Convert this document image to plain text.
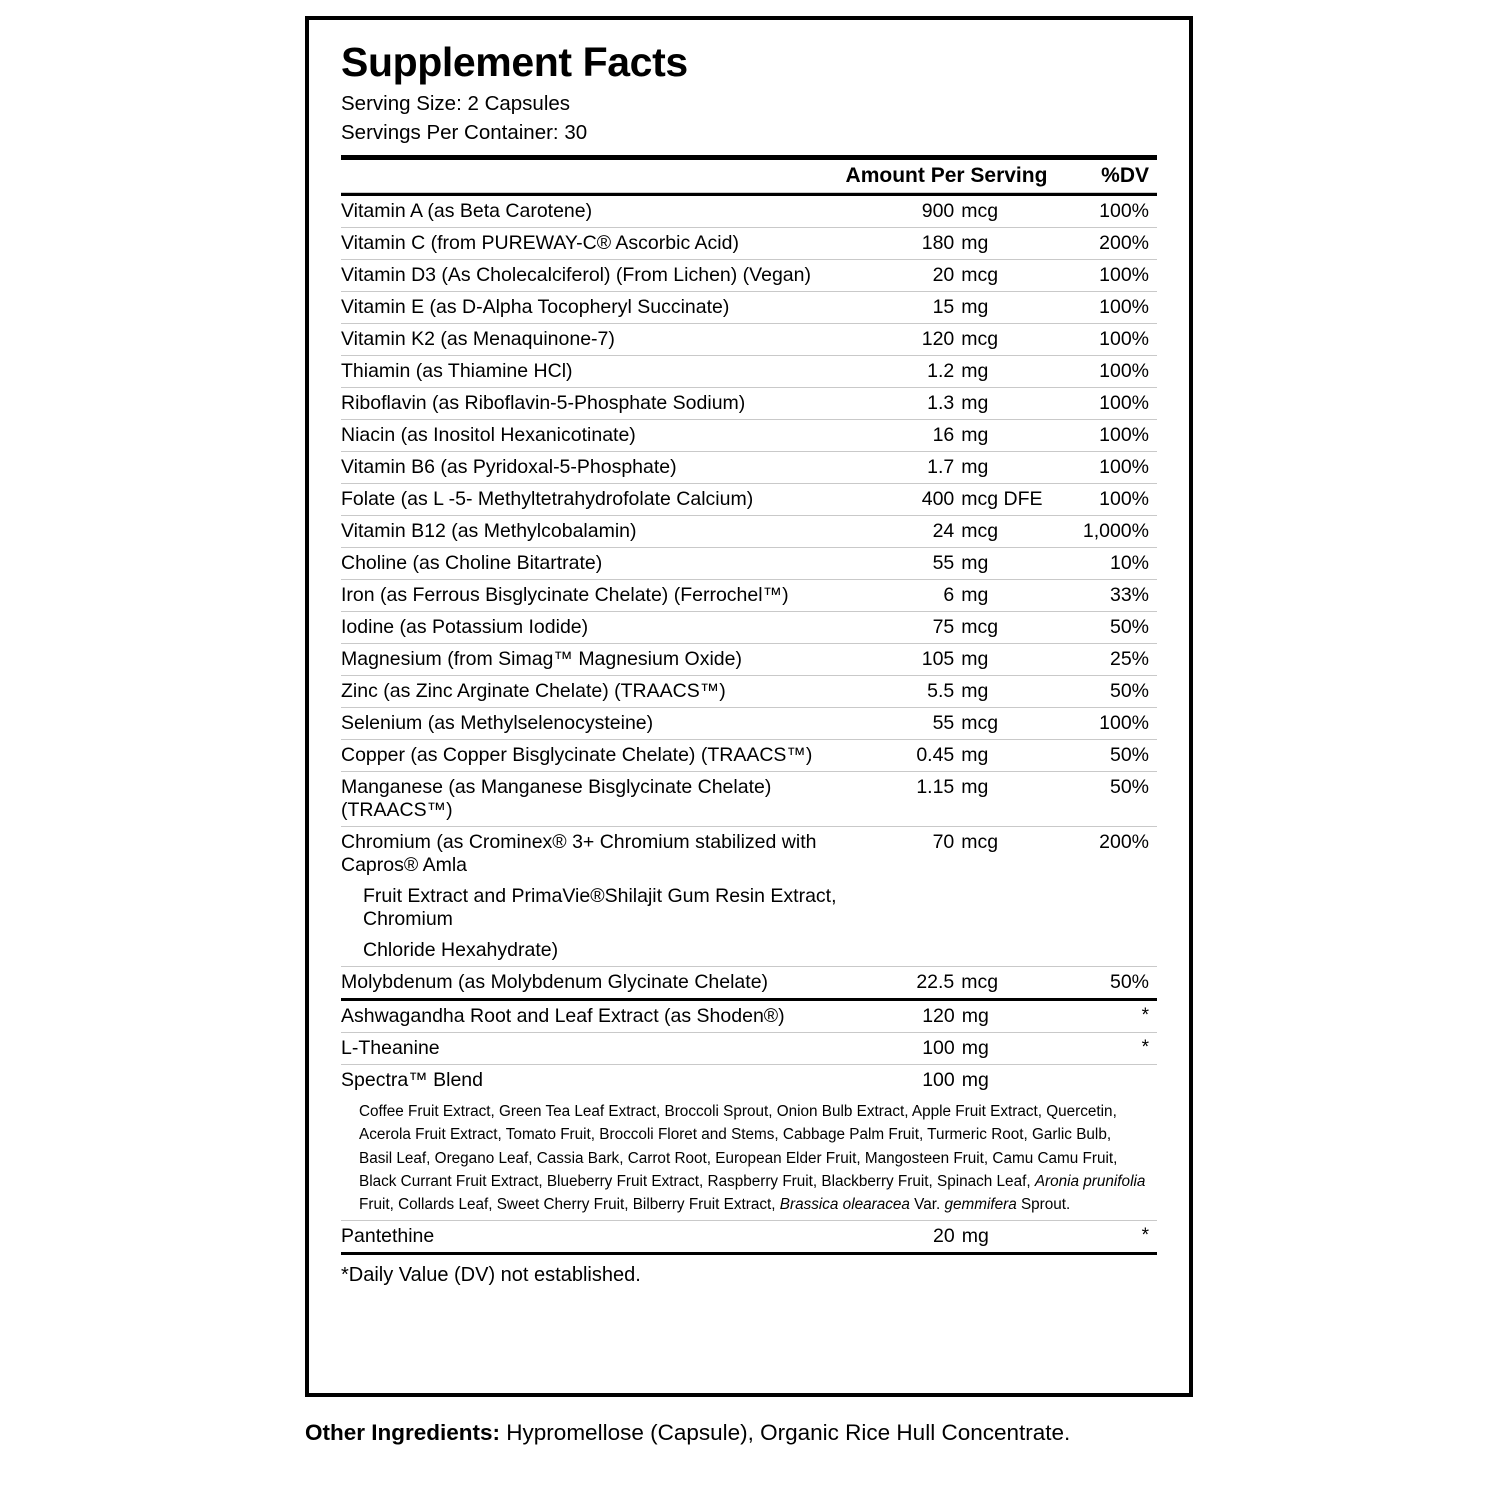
Supplement Facts
Serving Size: 2 Capsules
Servings Per Container: 30
	Amount Per Serving	%DV
Vitamin A (as Beta Carotene)	900	mcg	100%
Vitamin C (from PUREWAY-C® Ascorbic Acid)	180	mg	200%
Vitamin D3 (As Cholecalciferol) (From Lichen) (Vegan)	20	mcg	100%
Vitamin E (as D-Alpha Tocopheryl Succinate)	15	mg	100%
Vitamin K2 (as Menaquinone-7)	120	mcg	100%
Thiamin (as Thiamine HCl)	1.2	mg	100%
Riboflavin (as Riboflavin-5-Phosphate Sodium)	1.3	mg	100%
Niacin (as Inositol Hexanicotinate)	16	mg	100%
Vitamin B6 (as Pyridoxal-5-Phosphate)	1.7	mg	100%
Folate (as L -5- Methyltetrahydrofolate Calcium)	400	mcg DFE	100%
Vitamin B12 (as Methylcobalamin)	24	mcg	1,000%
Choline (as Choline Bitartrate)	55	mg	10%
Iron (as Ferrous Bisglycinate Chelate) (Ferrochel™)	6	mg	33%
Iodine (as Potassium Iodide)	75	mcg	50%
Magnesium (from Simag™ Magnesium Oxide)	105	mg	25%
Zinc (as Zinc Arginate Chelate) (TRAACS™)	5.5	mg	50%
Selenium (as Methylselenocysteine)	55	mcg	100%
Copper (as Copper Bisglycinate Chelate) (TRAACS™)	0.45	mg	50%
Manganese (as Manganese Bisglycinate Chelate) (TRAACS™)	1.15	mg	50%
Chromium (as Crominex® 3+ Chromium stabilized with Capros® Amla
Fruit Extract and PrimaVie®Shilajit Gum Resin Extract, Chromium
Chloride Hexahydrate)	70	mcg	200%
Molybdenum (as Molybdenum Glycinate Chelate)	22.5	mcg	50%
Ashwagandha Root and Leaf Extract (as Shoden®)	120	mg	*
L-Theanine	100	mg	*
Spectra™ Blend	100	mg	

Coffee Fruit Extract, Green Tea Leaf Extract, Broccoli Sprout, Onion Bulb Extract, Apple Fruit Extract, Quercetin, Acerola Fruit Extract, Tomato Fruit, Broccoli Floret and Stems, Cabbage Palm Fruit, Turmeric Root, Garlic Bulb, Basil Leaf, Oregano Leaf, Cassia Bark, Carrot Root, European Elder Fruit, Mangosteen Fruit, Camu Camu Fruit, Black Currant Fruit Extract, Blueberry Fruit Extract, Raspberry Fruit, Blackberry Fruit, Spinach Leaf, Aronia prunifolia Fruit, Collards Leaf, Sweet Cherry Fruit, Bilberry Fruit Extract, Brassica olearacea Var. gemmifera Sprout.			

Pantethine	20	mg	*
*Daily Value (DV) not established.
Other Ingredients: Hypromellose (Capsule), Organic Rice Hull Concentrate.
